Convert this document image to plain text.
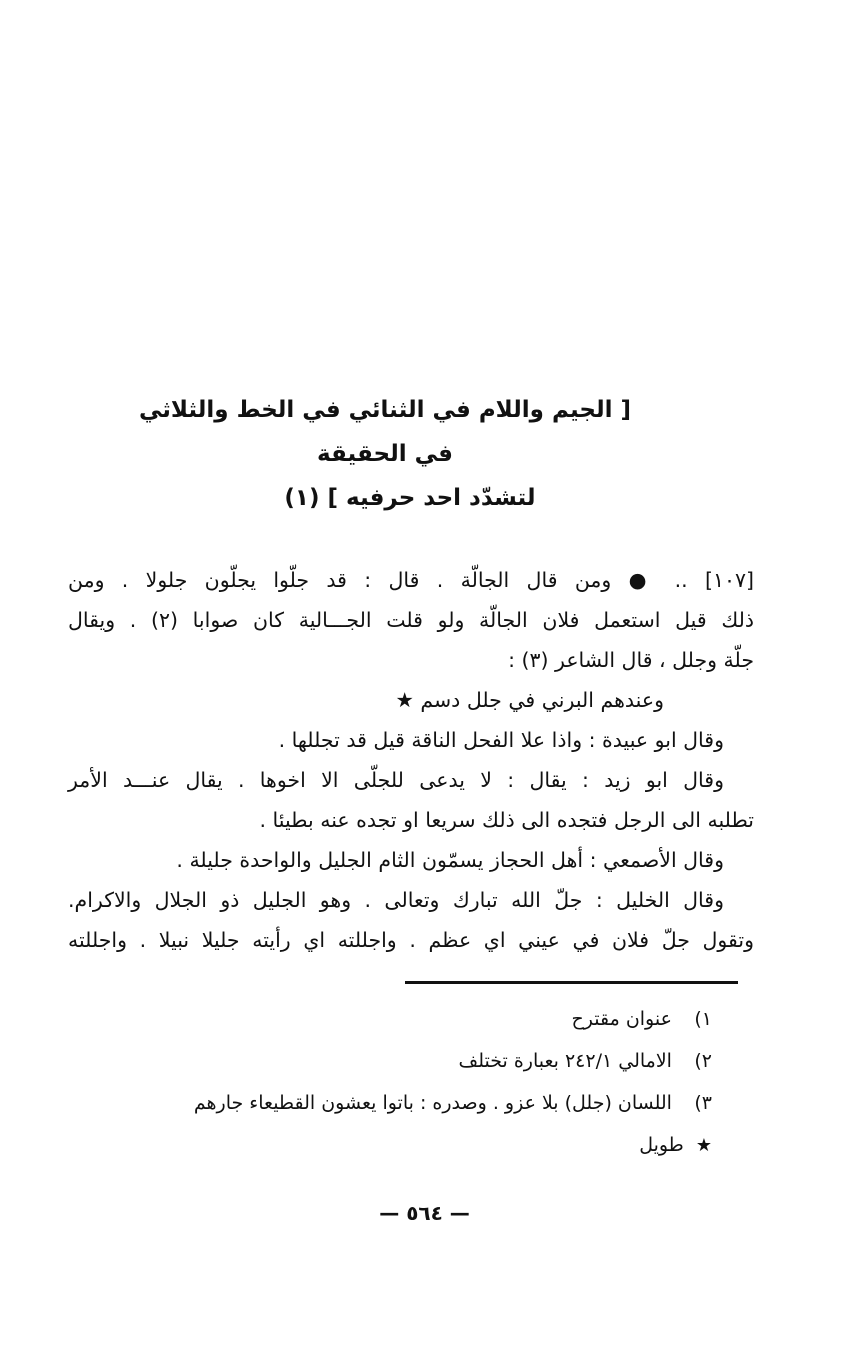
[ الجيم واللام في الثنائي في الخط والثلاثي في الحقيقة
لتشدّد احد حرفيه ] (١)
[١٠٧] .. ● ومن قال الجالّة . قال : قد جلّوا يجلّون جلولا . ومن
ذلك قيل استعمل فلان الجالّة ولو قلت الجـــالية كان صوابا (٢) . ويقال
جلّة وجلل ، قال الشاعر (٣) :
وعندهم البرني في جلل دسم ★
وقال ابو عبيدة : واذا علا الفحل الناقة قيل قد تجللها .
وقال ابو زيد : يقال : لا يدعى للجلّى الا اخوها . يقال عنـــد الأمر
تطلبه الى الرجل فتجده الى ذلك سريعا او تجده عنه بطيئا .
وقال الأصمعي : أهل الحجاز يسمّون الثام الجليل والواحدة جليلة .
وقال الخليل : جلّ الله تبارك وتعالى . وهو الجليل ذو الجلال والاكرام.
وتقول جلّ فلان في عيني اي عظم . واجللته اي رأيته جليلا نبيلا . واجللته
١) عنوان مقترح
٢) الامالي ٢٤٢/١ بعبارة تختلف
٣) اللسان (جلل) بلا عزو . وصدره : باتوا يعشون القطيعاء جارهم
★ طويل
— ٥٦٤ —
